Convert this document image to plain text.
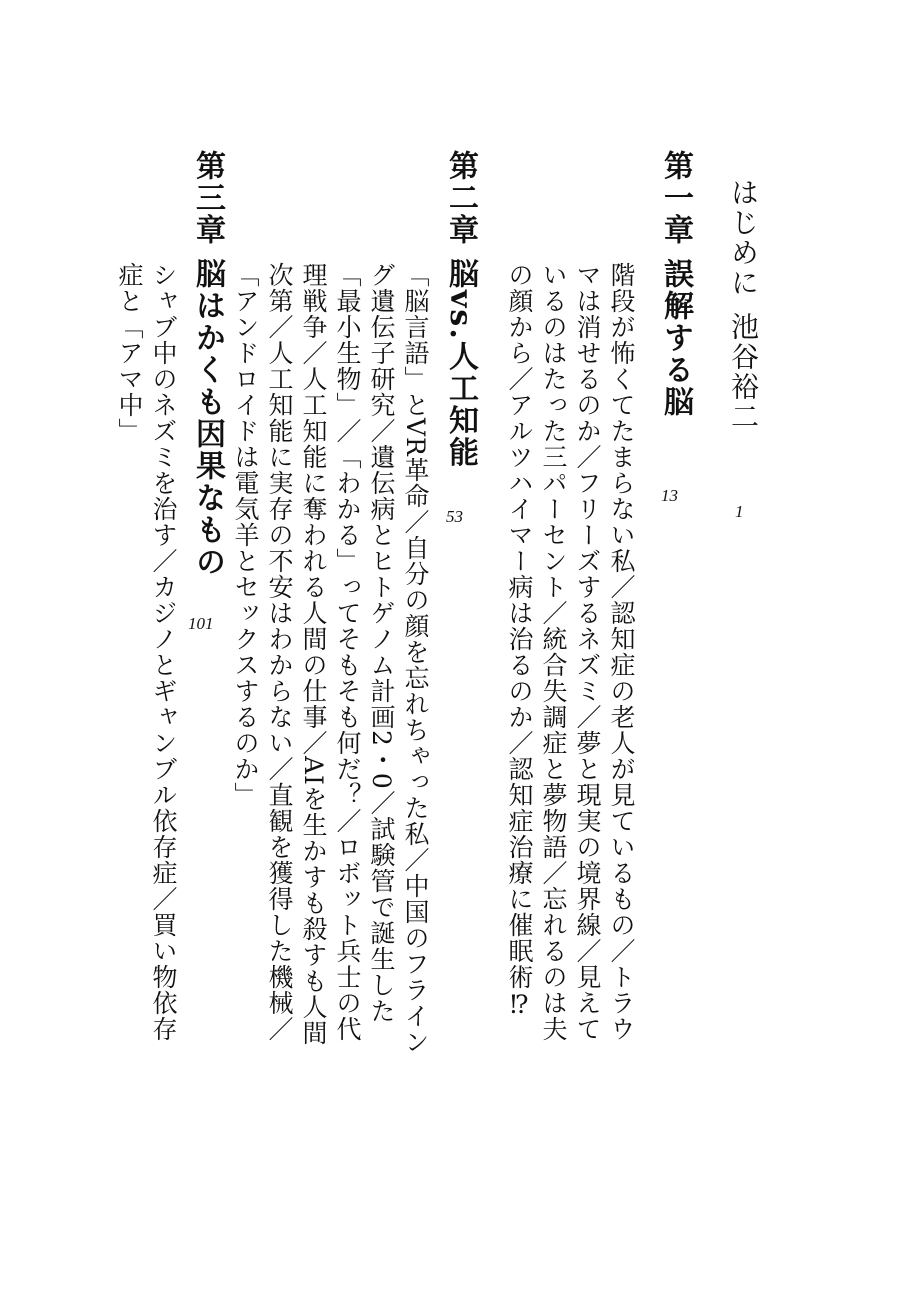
はじめに
池谷裕二
1
第一章
誤解する脳
13
階段が怖くてたまらない私／認知症の老人が見ているもの／トラウマは消せるのか／フリーズするネズミ／夢と現実の境界線／見えているのはたった三パーセント／統合失調症と夢物語／忘れるのは夫の顔から／アルツハイマー病は治るのか／認知症治療に催眠術⁉
第二章
脳vs.人工知能
53
「脳言語」とVR革命／自分の顔を忘れちゃった私／中国のフライング遺伝子研究／遺伝病とヒトゲノム計画2・0／試験管で誕生した「最小生物」／「わかる」ってそもそも何だ？／ロボット兵士の代理戦争／人工知能に奪われる人間の仕事／AIを生かすも殺すも人間次第／人工知能に実存の不安はわからない／直観を獲得した機械／「アンドロイドは電気羊とセックスするのか」
第三章
脳はかくも因果なもの
101
シャブ中のネズミを治す／カジノとギャンブル依存症／買い物依存症と「アマ中」
